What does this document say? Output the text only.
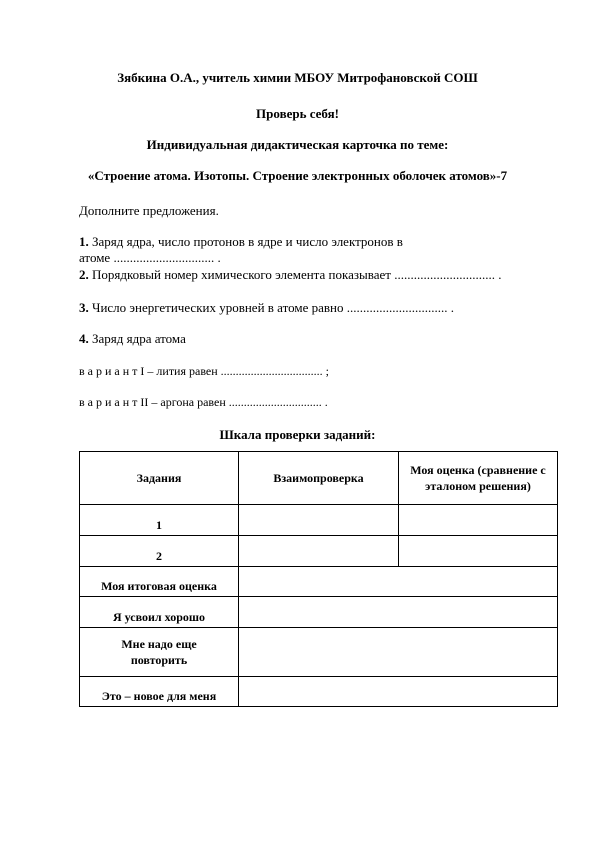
Зябкина О.А., учитель химии МБОУ Митрофановской СОШ
Проверь себя!
Индивидуальная дидактическая карточка по теме:
«Строение атома. Изотопы. Строение электронных оболочек атомов»-7
Дополните предложения.
1. Заряд ядра, число протонов в ядре и число электронов в
атоме ............................... .
2. Порядковый номер химического элемента показывает ............................... .
3. Число энергетических уровней в атоме равно ............................... .
4. Заряд ядра атома
в а р и а н т I – лития равен .................................. ;
в а р и а н т II – аргона равен ............................... .
Шкала проверки заданий:
Задания	Взаимопроверка	Моя оценка (сравнение с эталоном решения)
1		
2		
Моя итоговая оценка		
Я усвоил хорошо		
Мне надо еще повторить		
Это – новое для меня		
